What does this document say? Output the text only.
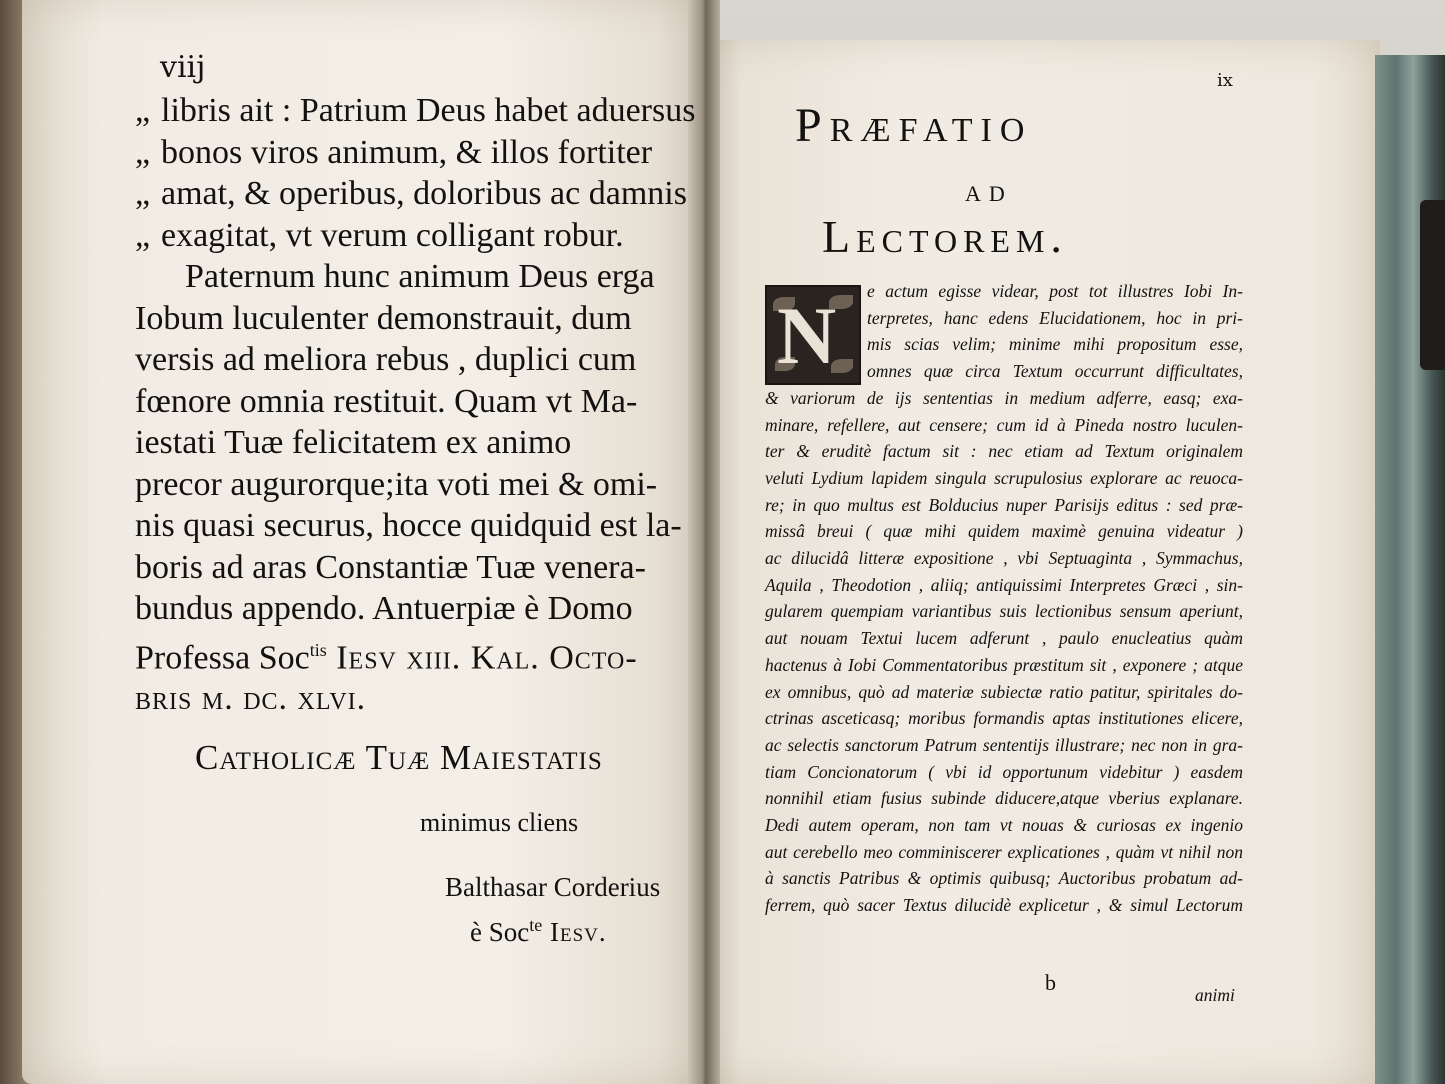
viij
„ libris ait : Patrium Deus habet aduersus
„ bonos viros animum, & illos fortiter
„ amat, & operibus, doloribus ac damnis
„ exagitat, vt verum colligant robur.
Paternum hunc animum Deus erga
Iobum luculenter demonstrauit, dum
versis ad meliora rebus , duplici cum
fœnore omnia restituit. Quam vt Ma-
iestati Tuæ felicitatem ex animo
precor augurorque;ita voti mei & omi-
nis quasi securus, hocce quidquid est la-
boris ad aras Constantiæ Tuæ venera-
bundus appendo. Antuerpiæ è Domo
Professa Soc$^{tis}$ Iesv xiii. Kal. Octo-
bris m. dc. xlvi.
Catholicæ Tuæ Maiestatis
minimus cliens
Balthasar Corderius
è Soc$^{te}$ Iesv.
ix
Præfatio
ad
Lectorem.
N	e actum egisse videar, post tot illustres Iobi In-
terpretes, hanc edens Elucidationem, hoc in pri-
mis scias velim; minime mihi propositum esse,
omnes quæ circa Textum occurrunt difficultates,
& variorum de ijs sententias in medium adferre, easq; exa-
minare, refellere, aut censere; cum id à Pineda nostro luculen-
ter & eruditè factum sit : nec etiam ad Textum originalem
veluti Lydium lapidem singula scrupulosius explorare ac reuoca-
re; in quo multus est Bolducius nuper Parisijs editus : sed præ-
missâ breui ( quæ mihi quidem maximè genuina videatur )
ac dilucidâ litteræ expositione , vbi Septuaginta , Symmachus,
Aquila , Theodotion , aliiq; antiquissimi Interpretes Græci , sin-
gularem quempiam variantibus suis lectionibus sensum aperiunt,
aut nouam Textui lucem adferunt , paulo enucleatius quàm
hactenus à Iobi Commentatoribus præstitum sit , exponere ; atque
ex omnibus, quò ad materiæ subiectæ ratio patitur, spiritales do-
ctrinas asceticasq; moribus formandis aptas institutiones elicere,
ac selectis sanctorum Patrum sententijs illustrare; nec non in gra-
tiam Concionatorum ( vbi id opportunum videbitur ) easdem
nonnihil etiam fusius subinde diducere,atque vberius explanare.
Dedi autem operam, non tam vt nouas & curiosas ex ingenio
aut cerebello meo comminiscerer explicationes , quàm vt nihil non
à sanctis Patribus & optimis quibusq; Auctoribus probatum ad-
ferrem, quò sacer Textus dilucidè explicetur , & simul Lectorum
b	animi
